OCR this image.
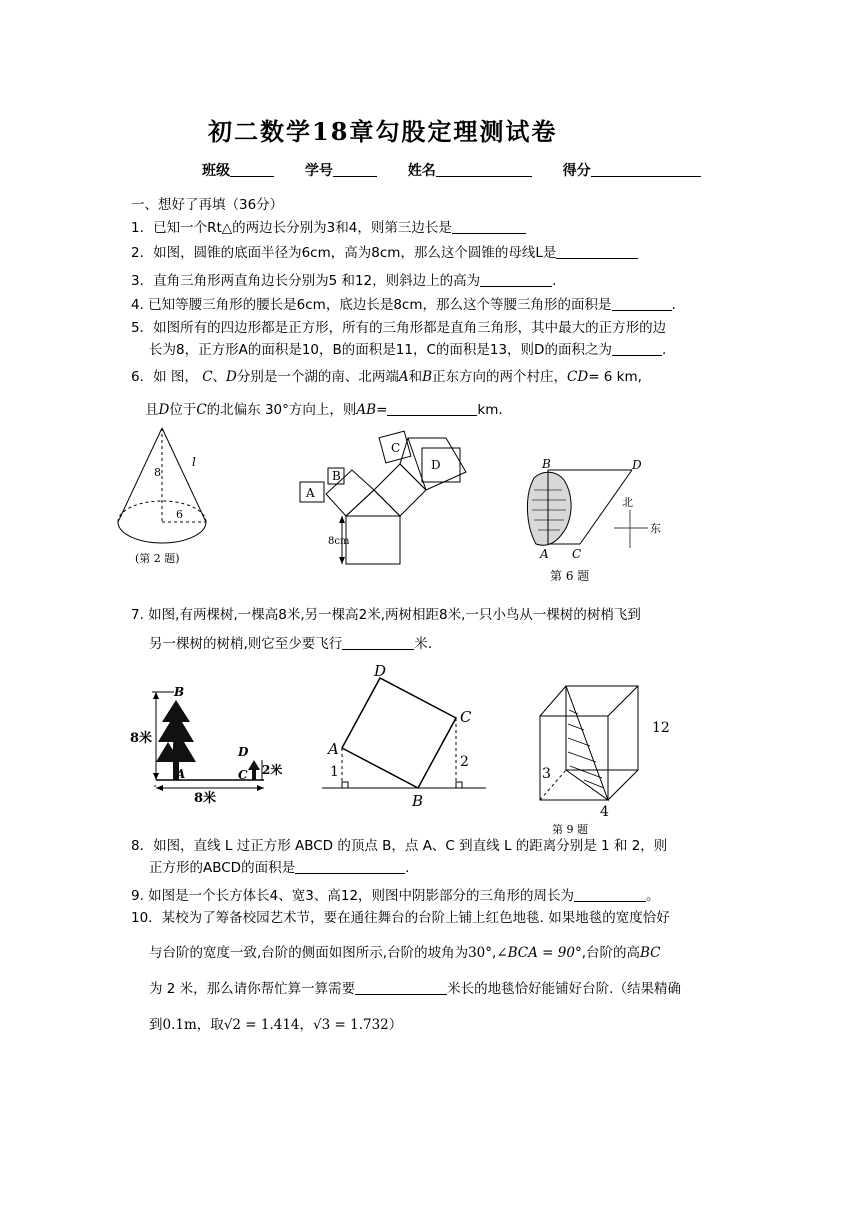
初二数学18章勾股定理测试卷
班级	学号	姓名	得分
一、想好了再填（36分）
1．已知一个Rt△的两边长分别为3和4，则第三边长是
2．如图，圆锥的底面半径为6cm，高为8cm，那么这个圆锥的母线L是
3．直角三角形两直角边长分别为5 和12，则斜边上的高为	.
4. 已知等腰三角形的腰长是6cm，底边长是8cm，那么这个等腰三角形的面积是	.
5．如图所有的四边形都是正方形，所有的三角形都是直角三角形，其中最大的正方形的边
长为8，正方形A的面积是10，B的面积是11，C的面积是13，则D的面积之为	.
6．如 图， C、D分别是一个湖的南、北两端A和B正东方向的两个村庄，CD= 6 km,
且D位于C的北偏东 30°方向上，则AB=	km.
8
l
6
(第 2 题)
A
B
C
D
8cm
B	D
A C
北
东
第 6 题
7. 如图,有两棵树,一棵高8米,另一棵高2米,两树相距8米,一只小鸟从一棵树的树梢飞到
另一棵树的树梢,则它至少要飞行	米.
B
8米
A
D
C 2米
8米
D
A
C
B
1
2
12
3
4
第 9 题
8．如图，直线 L 过正方形 ABCD 的顶点 B，点 A、C 到直线 L 的距离分别是 1 和 2，则
正方形的ABCD的面积是	.
9. 如图是一个长方体长4、宽3、高12，则图中阴影部分的三角形的周长为	。
10．某校为了筹备校园艺术节，要在通往舞台的台阶上铺上红色地毯. 如果地毯的宽度恰好
与台阶的宽度一致,台阶的侧面如图所示,台阶的坡角为30°,∠BCA = 90°,台阶的高BC
为 2 米，那么请你帮忙算一算需要	米长的地毯恰好能铺好台阶.（结果精确
到0.1m，取√2 = 1.414，√3 = 1.732）
